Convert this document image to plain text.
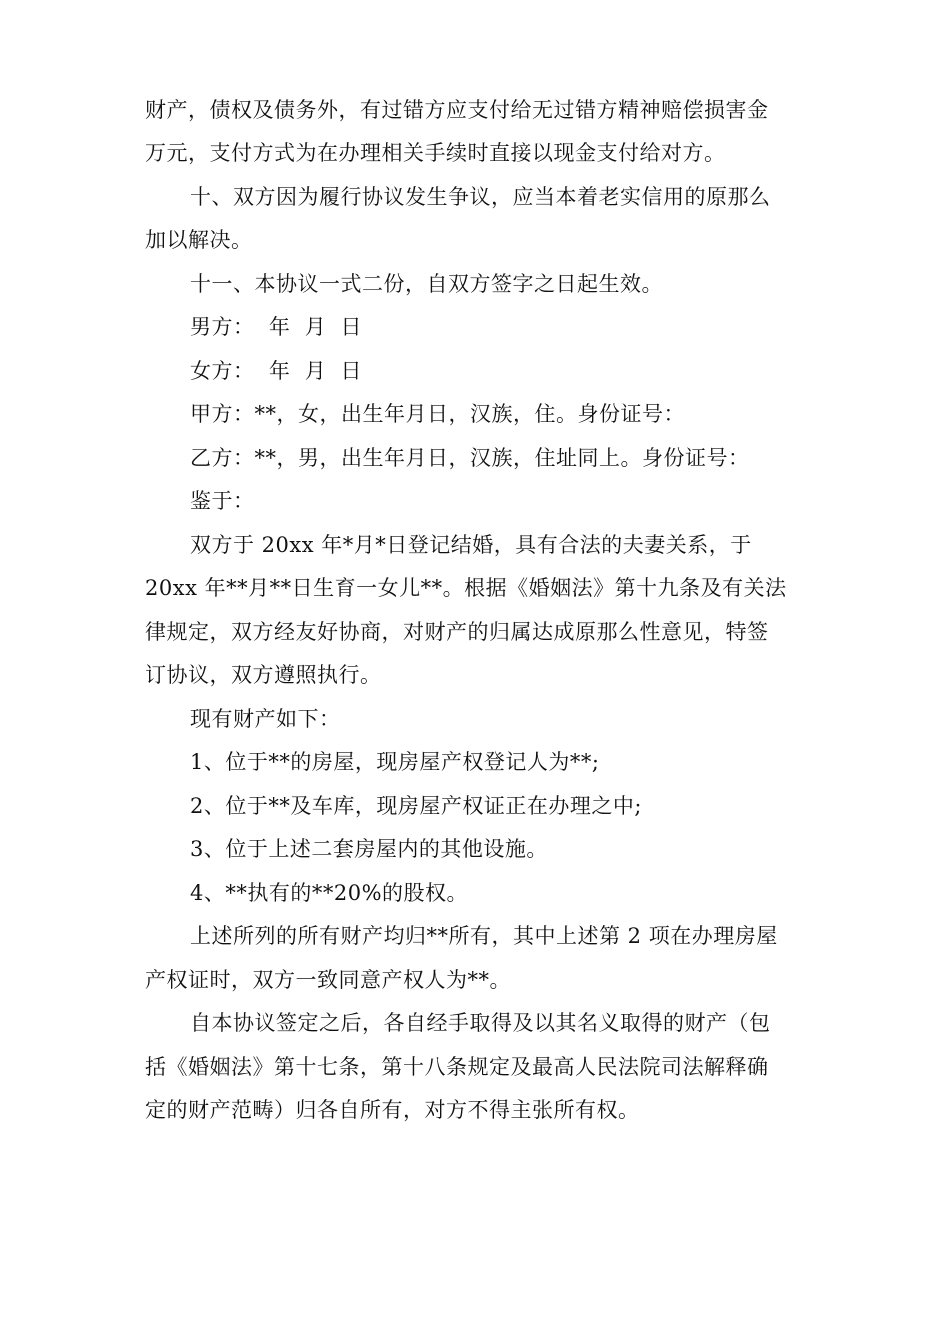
财产，债权及债务外，有过错方应支付给无过错方精神赔偿损害金
万元，支付方式为在办理相关手续时直接以现金支付给对方。
十、双方因为履行协议发生争议，应当本着老实信用的原那么
加以解决。
十一、本协议一式二份，自双方签字之日起生效。
男方：  年  月  日
女方：  年  月  日
甲方：**，女，出生年月日，汉族，住。身份证号：
乙方：**，男，出生年月日，汉族，住址同上。身份证号：
鉴于：
双方于 20xx 年*月*日登记结婚，具有合法的夫妻关系，于
20xx 年**月**日生育一女儿**。根据《婚姻法》第十九条及有关法
律规定，双方经友好协商，对财产的归属达成原那么性意见，特签
订协议，双方遵照执行。
现有财产如下：
1、位于**的房屋，现房屋产权登记人为**;
2、位于**及车库，现房屋产权证正在办理之中;
3、位于上述二套房屋内的其他设施。
4、**执有的**20%的股权。
上述所列的所有财产均归**所有，其中上述第 2 项在办理房屋
产权证时，双方一致同意产权人为**。
自本协议签定之后，各自经手取得及以其名义取得的财产（包
括《婚姻法》第十七条，第十八条规定及最高人民法院司法解释确
定的财产范畴）归各自所有，对方不得主张所有权。
